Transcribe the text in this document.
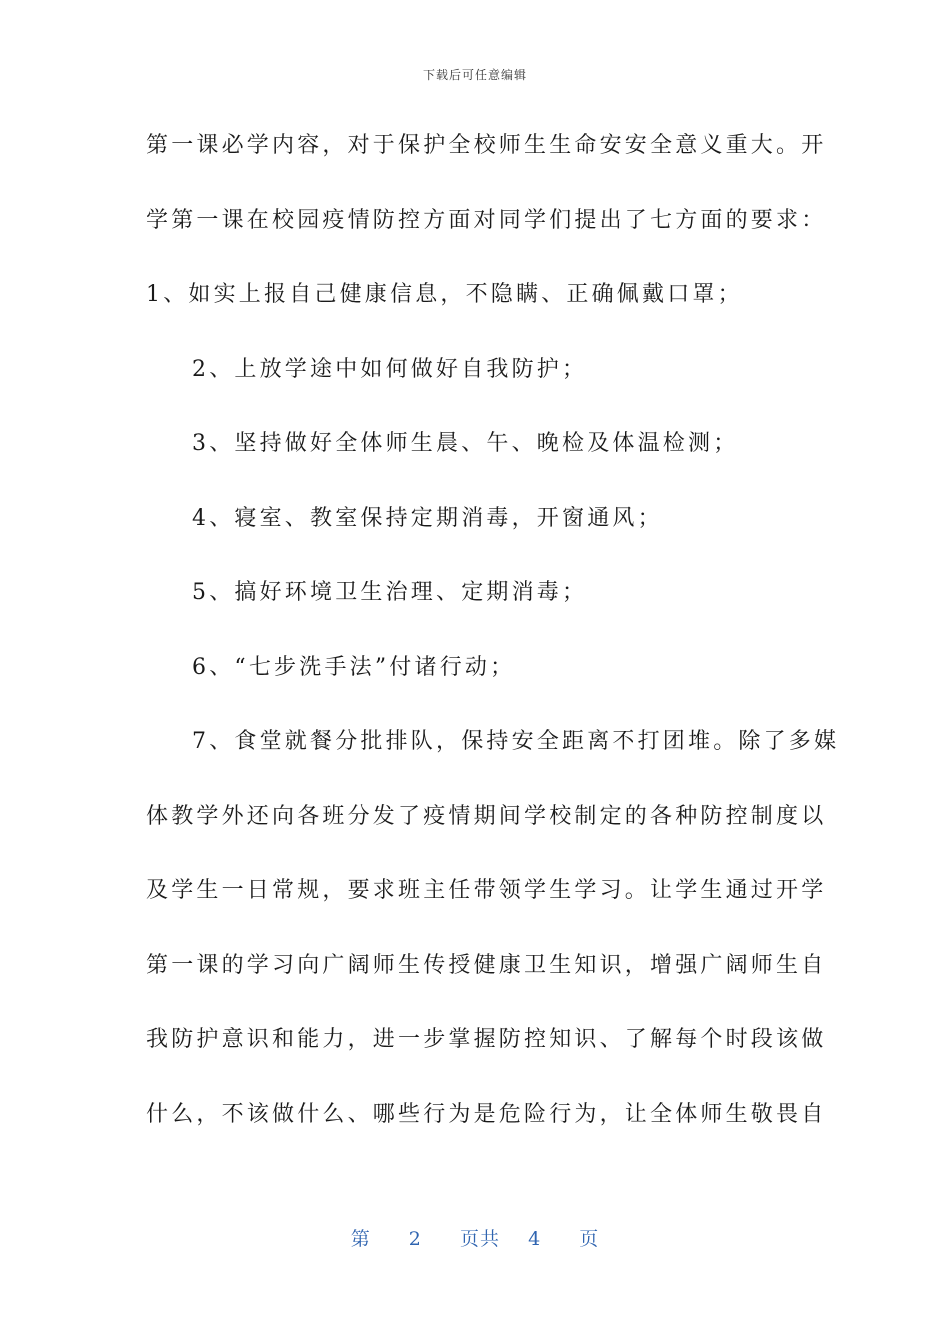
下载后可任意编辑
第一课必学内容，对于保护全校师生生命安安全意义重大。开
学第一课在校园疫情防控方面对同学们提出了七方面的要求：
1、如实上报自己健康信息，不隐瞒、正确佩戴口罩；
2、上放学途中如何做好自我防护；
3、坚持做好全体师生晨、午、晚检及体温检测；
4、寝室、教室保持定期消毒，开窗通风；
5、搞好环境卫生治理、定期消毒；
6、“七步洗手法”付诸行动；
7、食堂就餐分批排队，保持安全距离不打团堆。除了多媒
体教学外还向各班分发了疫情期间学校制定的各种防控制度以
及学生一日常规，要求班主任带领学生学习。让学生通过开学
第一课的学习向广阔师生传授健康卫生知识，增强广阔师生自
我防护意识和能力，进一步掌握防控知识、了解每个时段该做
什么，不该做什么、哪些行为是危险行为，让全体师生敬畏自
第 2 页共 4 页
